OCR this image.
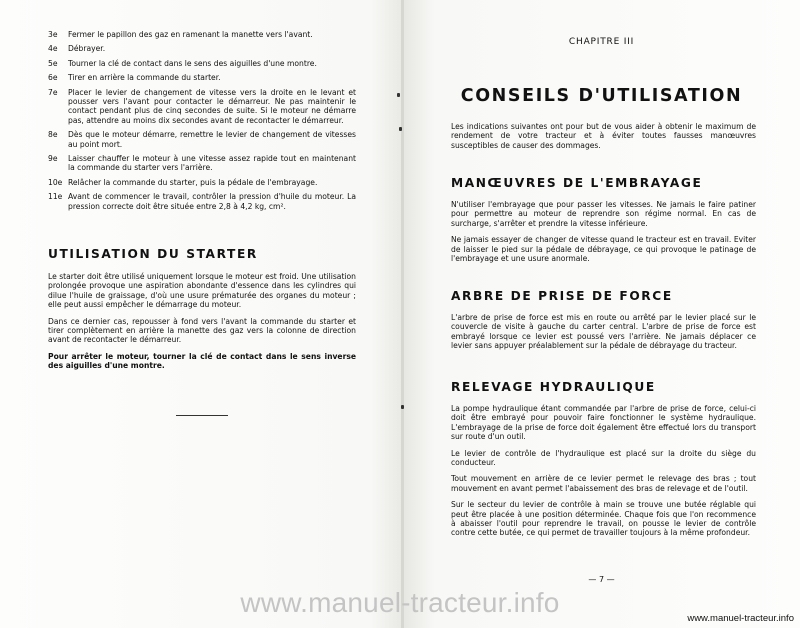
3e Fermer le papillon des gaz en ramenant la manette vers l'avant.
4e Débrayer.
5e Tourner la clé de contact dans le sens des aiguilles d'une montre.
6e Tirer en arrière la commande du starter.
7e Placer le levier de changement de vitesse vers la droite en le levant et pousser vers l'avant pour contacter le démarreur. Ne pas maintenir le contact pendant plus de cinq secondes de suite. Si le moteur ne démarre pas, attendre au moins dix secondes avant de recontacter le démarreur.
8e Dès que le moteur démarre, remettre le levier de changement de vitesses au point mort.
9e Laisser chauffer le moteur à une vitesse assez rapide tout en maintenant la commande du starter vers l'arrière.
10e Relâcher la commande du starter, puis la pédale de l'embrayage.
11e Avant de commencer le travail, contrôler la pression d'huile du moteur. La pression correcte doit être située entre 2,8 à 4,2 kg, cm².
UTILISATION DU STARTER

Le starter doit être utilisé uniquement lorsque le moteur est froid. Une utilisation prolongée provoque une aspiration abondante d'essence dans les cylindres qui dilue l'huile de graissage, d'où une usure prématurée des organes du moteur ; elle peut aussi empêcher le démarrage du moteur.

Dans ce dernier cas, repousser à fond vers l'avant la commande du starter et tirer complètement en arrière la manette des gaz vers la colonne de direction avant de recontacter le démarreur.

Pour arrêter le moteur, tourner la clé de contact dans le sens inverse des aiguilles d'une montre.

CHAPITRE III
CONSEILS D'UTILISATION

Les indications suivantes ont pour but de vous aider à obtenir le maximum de rendement de votre tracteur et à éviter toutes fausses manœuvres susceptibles de causer des dommages.

MANŒUVRES DE L'EMBRAYAGE

N'utiliser l'embrayage que pour passer les vitesses. Ne jamais le faire patiner pour permettre au moteur de reprendre son régime normal. En cas de surcharge, s'arrêter et prendre la vitesse inférieure.

Ne jamais essayer de changer de vitesse quand le tracteur est en travail. Eviter de laisser le pied sur la pédale de débrayage, ce qui provoque le patinage de l'embrayage et une usure anormale.

ARBRE DE PRISE DE FORCE

L'arbre de prise de force est mis en route ou arrêté par le levier placé sur le couvercle de visite à gauche du carter central. L'arbre de prise de force est embrayé lorsque ce levier est poussé vers l'arrière. Ne jamais déplacer ce levier sans appuyer préalablement sur la pédale de débrayage du tracteur.

RELEVAGE HYDRAULIQUE

La pompe hydraulique étant commandée par l'arbre de prise de force, celui-ci doit être embrayé pour pouvoir faire fonctionner le système hydraulique. L'embrayage de la prise de force doit également être effectué lors du transport sur route d'un outil.

Le levier de contrôle de l'hydraulique est placé sur la droite du siège du conducteur.

Tout mouvement en arrière de ce levier permet le relevage des bras ; tout mouvement en avant permet l'abaissement des bras de relevage et de l'outil.

Sur le secteur du levier de contrôle à main se trouve une butée réglable qui peut être placée à une position déterminée. Chaque fois que l'on recommence à abaisser l'outil pour reprendre le travail, on pousse le levier de contrôle contre cette butée, ce qui permet de travailler toujours à la même profondeur.

— 7 —
www.manuel-tracteur.info
www.manuel-tracteur.info
